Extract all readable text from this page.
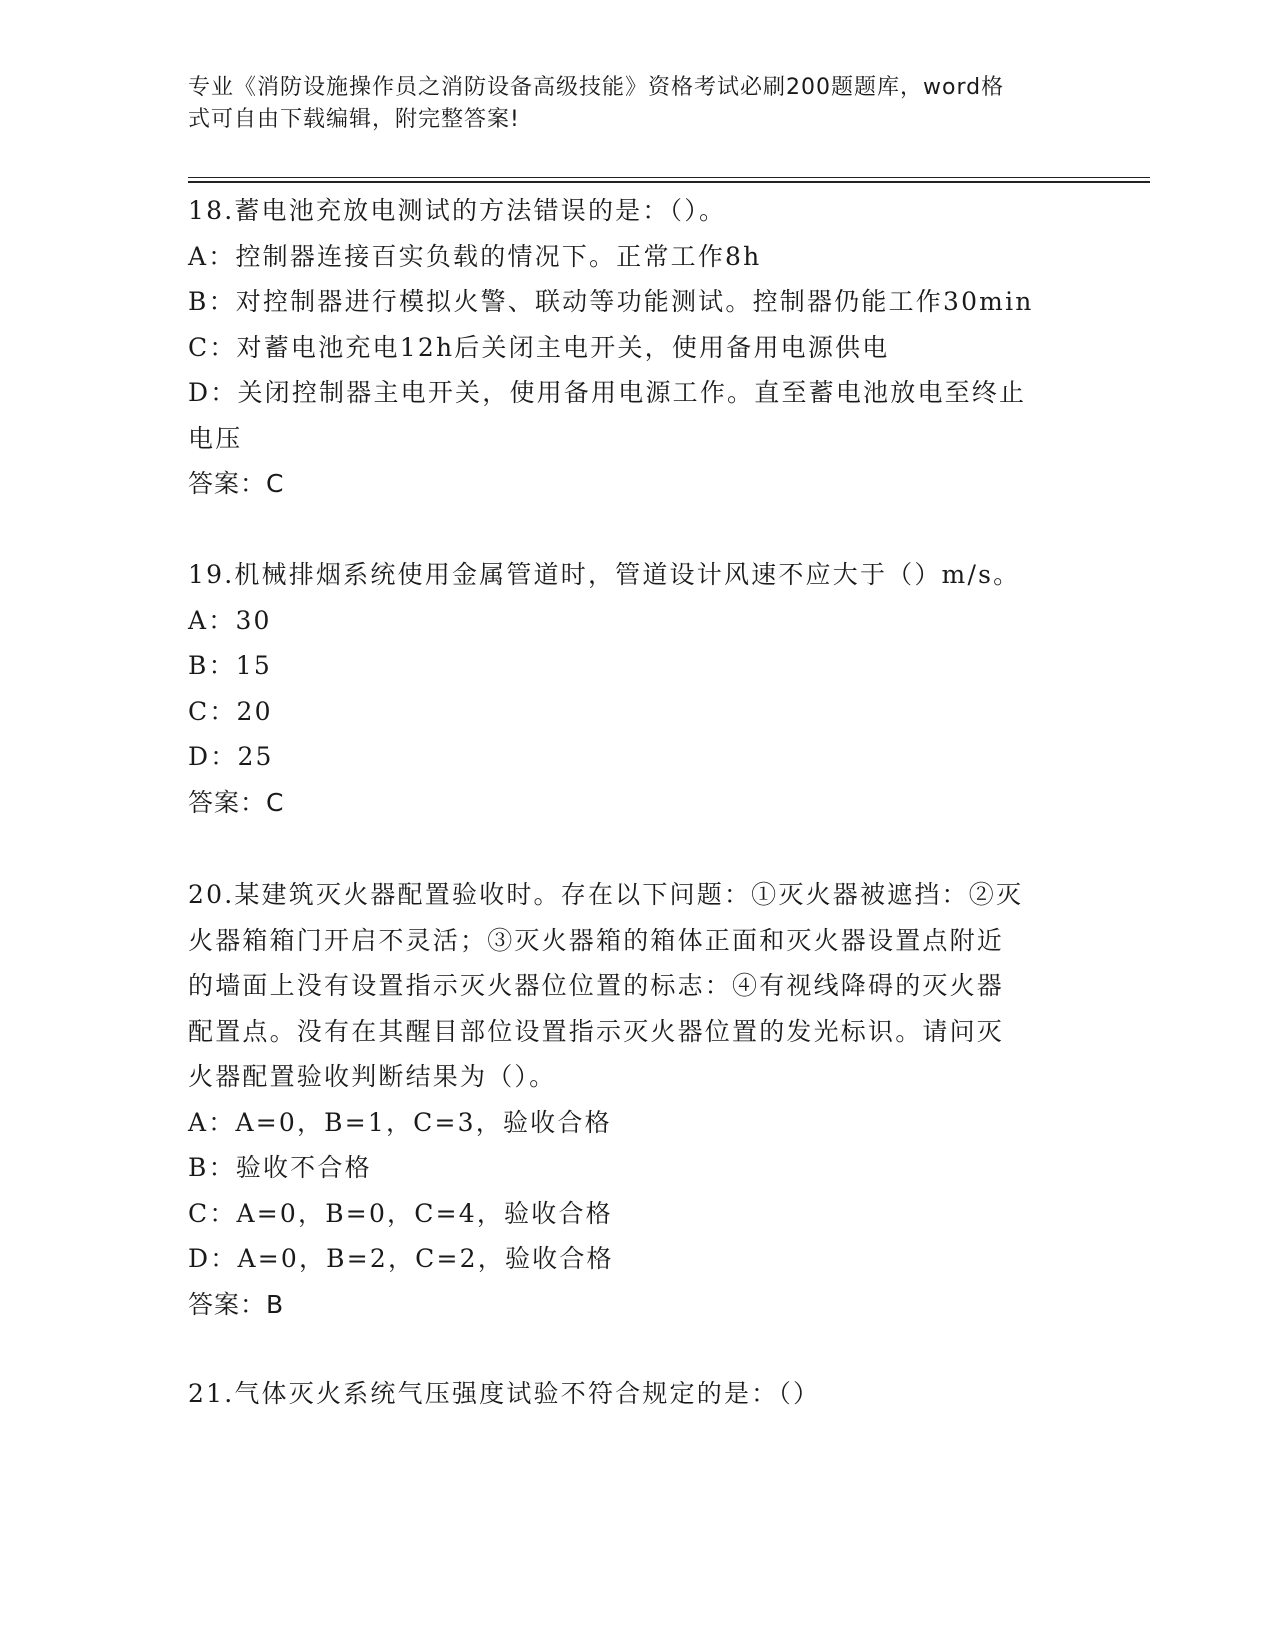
专业《消防设施操作员之消防设备高级技能》资格考试必刷200题题库，word格
式可自由下载编辑，附完整答案!
18.蓄电池充放电测试的方法错误的是：（）。
A：控制器连接百实负载的情况下。正常工作8h
B：对控制器进行模拟火警、联动等功能测试。控制器仍能工作30min
C：对蓄电池充电12h后关闭主电开关，使用备用电源供电
D：关闭控制器主电开关，使用备用电源工作。直至蓄电池放电至终止
电压
答案：C
19.机械排烟系统使用金属管道时，管道设计风速不应大于（）m/s。
A：30
B：15
C：20
D：25
答案：C
20.某建筑灭火器配置验收时。存在以下问题：①灭火器被遮挡：②灭
火器箱箱门开启不灵活；③灭火器箱的箱体正面和灭火器设置点附近
的墙面上没有设置指示灭火器位位置的标志：④有视线降碍的灭火器
配置点。没有在其醒目部位设置指示灭火器位置的发光标识。请问灭
火器配置验收判断结果为（）。
A：A=0，B=1，C=3，验收合格
B：验收不合格
C：A=0，B=0，C=4，验收合格
D：A=0，B=2，C=2，验收合格
答案：B
21.气体灭火系统气压强度试验不符合规定的是：（）
